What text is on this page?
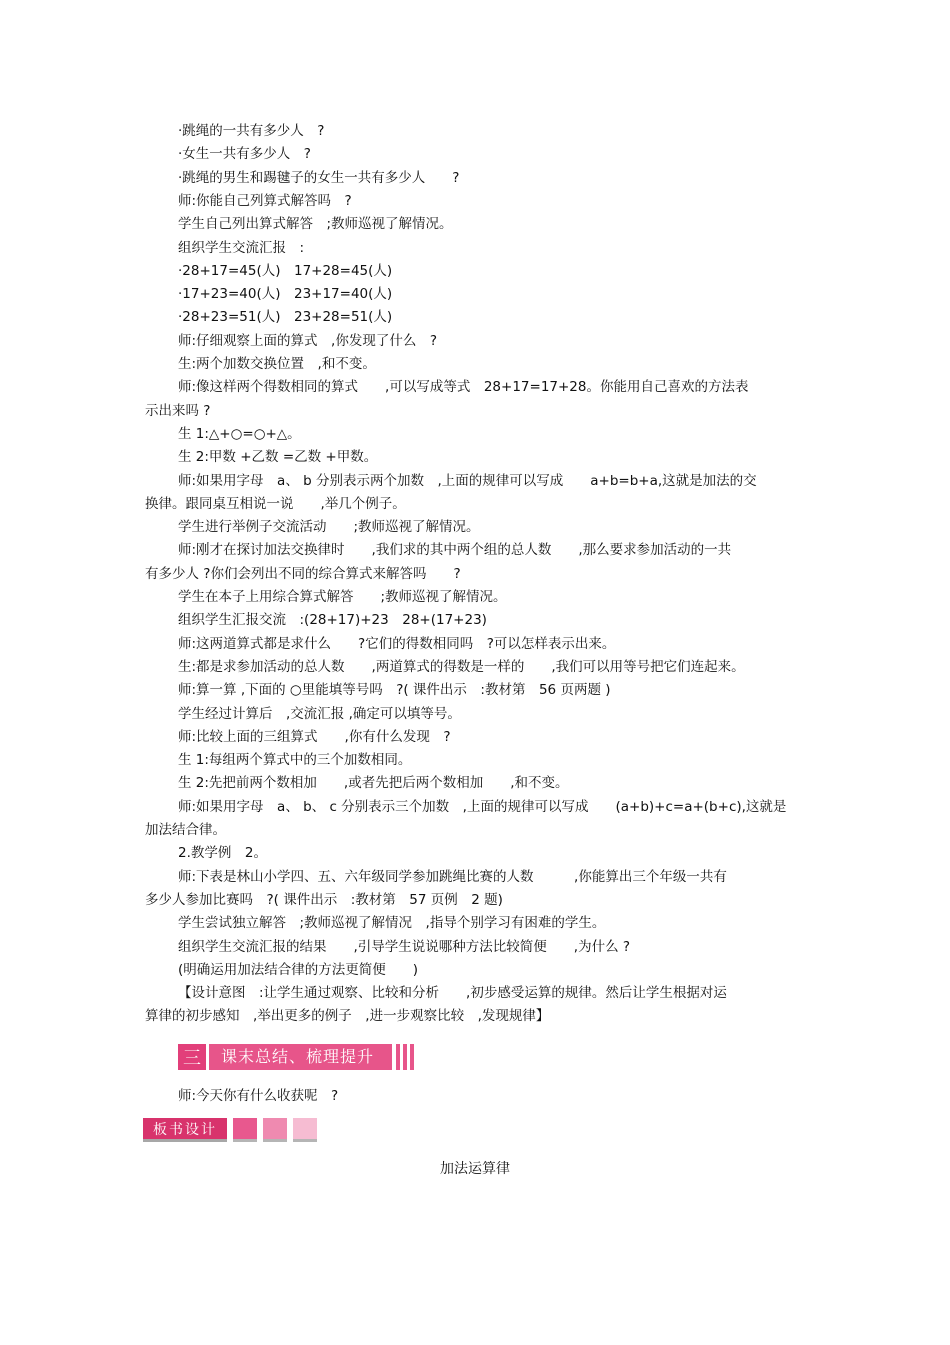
·跳绳的一共有多少人　?
·女生一共有多少人　?
·跳绳的男生和踢毽子的女生一共有多少人　　?
师:你能自己列算式解答吗　?
学生自己列出算式解答　;教师巡视了解情况。
组织学生交流汇报　:
·28+17=45(人)　17+28=45(人)
·17+23=40(人)　23+17=40(人)
·28+23=51(人)　23+28=51(人)
师:仔细观察上面的算式　,你发现了什么　?
生:两个加数交换位置　,和不变。
师:像这样两个得数相同的算式　　,可以写成等式　28+17=17+28。你能用自己喜欢的方法表
示出来吗 ?
生 1:△+○=○+△。
生 2:甲数 +乙数 =乙数 +甲数。
师:如果用字母　a、 b 分别表示两个加数　,上面的规律可以写成　　a+b=b+a,这就是加法的交
换律。跟同桌互相说一说　　,举几个例子。
学生进行举例子交流活动　　;教师巡视了解情况。
师:刚才在探讨加法交换律时　　,我们求的其中两个组的总人数　　,那么要求参加活动的一共
有多少人 ?你们会列出不同的综合算式来解答吗　　?
学生在本子上用综合算式解答　　;教师巡视了解情况。
组织学生汇报交流　:(28+17)+23　28+(17+23)
师:这两道算式都是求什么　　?它们的得数相同吗　?可以怎样表示出来。
生:都是求参加活动的总人数　　,两道算式的得数是一样的　　,我们可以用等号把它们连起来。
师:算一算 ,下面的 ○里能填等号吗　?( 课件出示　:教材第　56 页两题 )
学生经过计算后　,交流汇报 ,确定可以填等号。
师:比较上面的三组算式　　,你有什么发现　?
生 1:每组两个算式中的三个加数相同。
生 2:先把前两个数相加　　,或者先把后两个数相加　　,和不变。
师:如果用字母　a、 b、 c 分别表示三个加数　,上面的规律可以写成　　(a+b)+c=a+(b+c),这就是
加法结合律。
2.教学例　2。
师:下表是林山小学四、五、六年级同学参加跳绳比赛的人数　　　,你能算出三个年级一共有
多少人参加比赛吗　?( 课件出示　:教材第　57 页例　2 题)
学生尝试独立解答　;教师巡视了解情况　,指导个别学习有困难的学生。
组织学生交流汇报的结果　　,引导学生说说哪种方法比较简便　　,为什么 ?
(明确运用加法结合律的方法更简便　　)
【设计意图　:让学生通过观察、比较和分析　　,初步感受运算的规律。然后让学生根据对运
算律的初步感知　,举出更多的例子　,进一步观察比较　,发现规律】
三	课末总结、梳理提升
师:今天你有什么收获呢　?
板书设计
加法运算律
